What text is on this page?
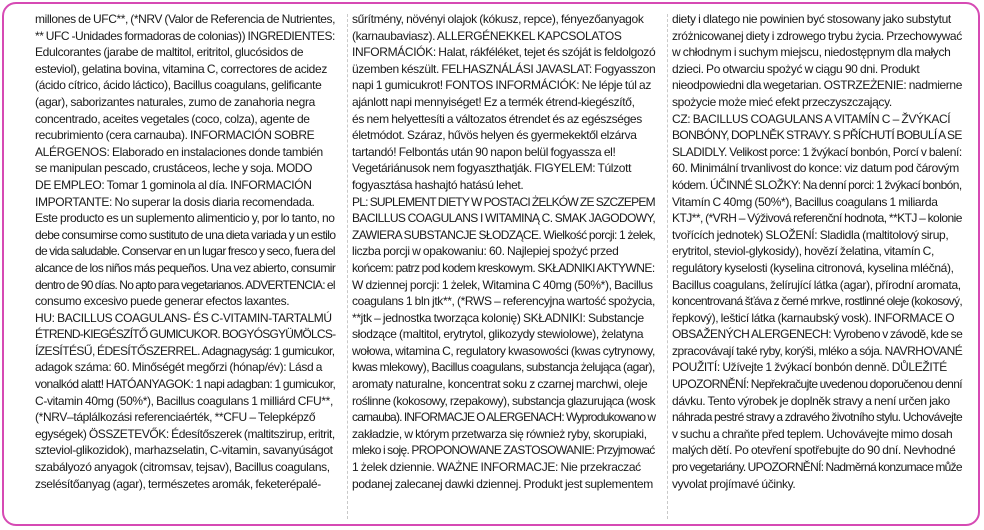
millones de UFC**, (*NRV (Valor de Referencia de Nutrientes,
** UFC -Unidades formadoras de colonias)) INGREDIENTES:
Edulcorantes (jarabe de maltitol, eritritol, glucósidos de
esteviol), gelatina bovina, vitamina C, correctores de acidez
(ácido cítrico, ácido láctico), Bacillus coagulans, gelificante
(agar), saborizantes naturales, zumo de zanahoria negra
concentrado, aceites vegetales (coco, colza), agente de
recubrimiento (cera carnauba). INFORMACIÓN SOBRE
ALÉRGENOS: Elaborado en instalaciones donde también
se manipulan pescado, crustáceos, leche y soja. MODO
DE EMPLEO: Tomar 1 gominola al día. INFORMACIÓN
IMPORTANTE: No superar la dosis diaria recomendada.
Este producto es un suplemento alimenticio y, por lo tanto, no
debe consumirse como sustituto de una dieta variada y un estilo
de vida saludable. Conservar en un lugar fresco y seco, fuera del
alcance de los niños más pequeños. Una vez abierto, consumir
dentro de 90 días. No apto para vegetarianos. ADVERTENCIA: el
consumo excesivo puede generar efectos laxantes.
HU: BACILLUS COAGULANS- ÉS C-VITAMIN-TARTALMÚ
ÉTREND-KIEGÉSZÍTŐ GUMICUKOR. BOGYÓSGYÜMÖLCS-
ÍZESÍTÉSŰ, ÉDESÍTŐSZERREL. Adagnagyság: 1 gumicukor,
adagok száma: 60. Minőségét megőrzi (hónap/év): Lásd a
vonalkód alatt! HATÓANYAGOK: 1 napi adagban: 1 gumicukor,
C-vitamin 40mg (50%*), Bacillus coagulans 1 milliárd CFU**,
(*NRV–táplálkozási referenciaérték, **CFU – Telepképző
egységek) ÖSSZETEVŐK: Édesítőszerek (maltitszirup, eritrit,
szteviol-glikozidok), marhazselatin, C-vitamin, savanyúságot
szabályozó anyagok (citromsav, tejsav), Bacillus coagulans,
zselésítőanyag (agar), természetes aromák, feketerépalé-
sűrítmény, növényi olajok (kókusz, repce), fényezőanyagok
(karnaubaviasz). ALLERGÉNEKKEL KAPCSOLATOS
INFORMÁCIÓK: Halat, rákféléket, tejet és szóját is feldolgozó
üzemben készült. FELHASZNÁLÁSI JAVASLAT: Fogyasszon
napi 1 gumicukrot! FONTOS INFORMÁCIÓK: Ne lépje túl az
ajánlott napi mennyiséget! Ez a termék étrend-kiegészítő,
és nem helyettesíti a változatos étrendet és az egészséges
életmódot. Száraz, hűvös helyen és gyermekektől elzárva
tartandó! Felbontás után 90 napon belül fogyassza el!
Vegetáriánusok nem fogyaszthatják. FIGYELEM: Túlzott
fogyasztása hashajtó hatású lehet.
PL: SUPLEMENT DIETY W POSTACI ŻELKÓW ZE SZCZEPEM
BACILLUS COAGULANS I WITAMINĄ C. SMAK JAGODOWY,
ZAWIERA SUBSTANCJE SŁODZĄCE. Wielkość porcji: 1 żelek,
liczba porcji w opakowaniu: 60. Najlepiej spożyć przed
końcem: patrz pod kodem kreskowym. SKŁADNIKI AKTYWNE:
W dziennej porcji: 1 żelek, Witamina C 40mg (50%*), Bacillus
coagulans 1 bln jtk**, (*RWS – referencyjna wartość spożycia,
**jtk – jednostka tworząca kolonię) SKŁADNIKI: Substancje
słodzące (maltitol, erytrytol, glikozydy stewiolowe), żelatyna
wołowa, witamina C, regulatory kwasowości (kwas cytrynowy,
kwas mlekowy), Bacillus coagulans, substancja żelująca (agar),
aromaty naturalne, koncentrat soku z czarnej marchwi, oleje
roślinne (kokosowy, rzepakowy), substancja glazurująca (wosk
carnauba). INFORMACJE O ALERGENACH: Wyprodukowano w
zakładzie, w którym przetwarza się również ryby, skorupiaki,
mleko i soję. PROPONOWANE ZASTOSOWANIE: Przyjmować
1 żelek dziennie. WAŻNE INFORMACJE: Nie przekraczać
podanej zalecanej dawki dziennej. Produkt jest suplementem
diety i dlatego nie powinien być stosowany jako substytut
zróżnicowanej diety i zdrowego trybu życia. Przechowywać
w chłodnym i suchym miejscu, niedostępnym dla małych
dzieci. Po otwarciu spożyć w ciągu 90 dni. Produkt
nieodpowiedni dla wegetarian. OSTRZEŻENIE: nadmierne
spożycie może mieć efekt przeczyszczający.
CZ: BACILLUS COAGULANS A VITAMÍN C – ŽVÝKACÍ
BONBÓNY, DOPLNĚK STRAVY. S PŘÍCHUTÍ BOBULÍ A SE
SLADIDLY. Velikost porce: 1 žvýkací bonbón, Porcí v balení:
60. Minimální trvanlivost do konce: viz datum pod čárovým
kódem. ÚČINNÉ SLOŽKY: Na denní porci: 1 žvýkací bonbón,
Vitamín C 40mg (50%*), Bacillus coagulans 1 miliarda
KTJ**, (*VRH – Výživová referenční hodnota, **KTJ – kolonie
tvořících jednotek) SLOŽENÍ: Sladidla (maltitolový sirup,
erytritol, steviol-glykosidy), hovězí želatina, vitamín C,
regulátory kyselosti (kyselina citronová, kyselina mléčná),
Bacillus coagulans, želírující látka (agar), přírodní aromata,
koncentrovaná šťáva z černé mrkve, rostlinné oleje (kokosový,
řepkový), lešticí látka (karnaubský vosk). INFORMACE O
OBSAŽENÝCH ALERGENECH: Vyrobeno v závodě, kde se
zpracovávají také ryby, korýši, mléko a sója. NAVRHOVANÉ
POUŽITÍ: Užívejte 1 žvýkací bonbón denně. DŮLEŽITÉ
UPOZORNĚNÍ: Nepřekračujte uvedenou doporučenou denní
dávku. Tento výrobek je doplněk stravy a není určen jako
náhrada pestré stravy a zdravého životního stylu. Uchovávejte
v suchu a chraňte před teplem. Uchovávejte mimo dosah
malých dětí. Po otevření spotřebujte do 90 dní. Nevhodné
pro vegetariány. UPOZORNĚNÍ: Nadměrná konzumace může
vyvolat projímavé účinky.
